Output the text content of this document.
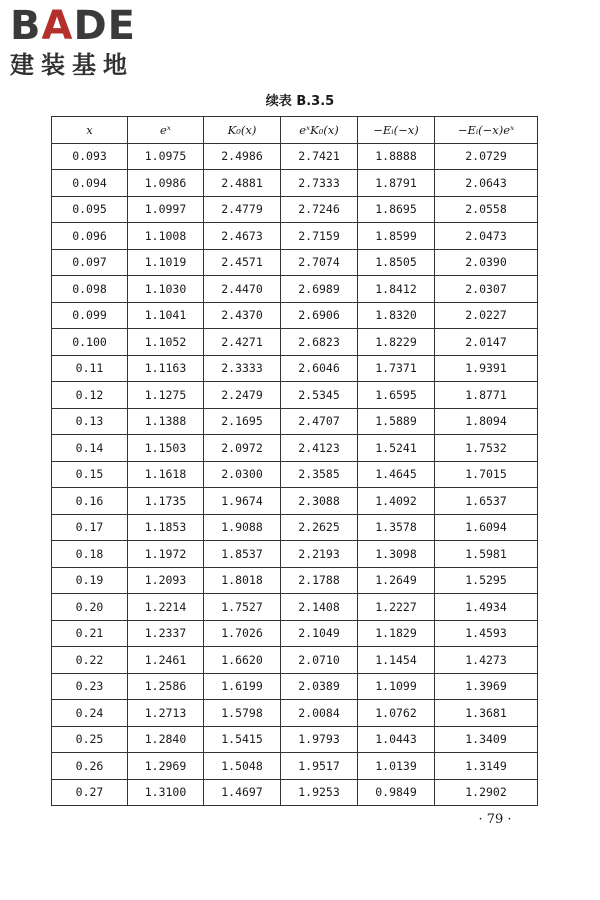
BADE
建装基地
续表 B.3.5
x	eˣ	K₀(x)	eˣK₀(x)	−Eᵢ(−x)	−Eᵢ(−x)eˣ
0.093	1.0975	2.4986	2.7421	1.8888	2.0729
0.094	1.0986	2.4881	2.7333	1.8791	2.0643
0.095	1.0997	2.4779	2.7246	1.8695	2.0558
0.096	1.1008	2.4673	2.7159	1.8599	2.0473
0.097	1.1019	2.4571	2.7074	1.8505	2.0390
0.098	1.1030	2.4470	2.6989	1.8412	2.0307
0.099	1.1041	2.4370	2.6906	1.8320	2.0227
0.100	1.1052	2.4271	2.6823	1.8229	2.0147
0.11	1.1163	2.3333	2.6046	1.7371	1.9391
0.12	1.1275	2.2479	2.5345	1.6595	1.8771
0.13	1.1388	2.1695	2.4707	1.5889	1.8094
0.14	1.1503	2.0972	2.4123	1.5241	1.7532
0.15	1.1618	2.0300	2.3585	1.4645	1.7015
0.16	1.1735	1.9674	2.3088	1.4092	1.6537
0.17	1.1853	1.9088	2.2625	1.3578	1.6094
0.18	1.1972	1.8537	2.2193	1.3098	1.5981
0.19	1.2093	1.8018	2.1788	1.2649	1.5295
0.20	1.2214	1.7527	2.1408	1.2227	1.4934
0.21	1.2337	1.7026	2.1049	1.1829	1.4593
0.22	1.2461	1.6620	2.0710	1.1454	1.4273
0.23	1.2586	1.6199	2.0389	1.1099	1.3969
0.24	1.2713	1.5798	2.0084	1.0762	1.3681
0.25	1.2840	1.5415	1.9793	1.0443	1.3409
0.26	1.2969	1.5048	1.9517	1.0139	1.3149
0.27	1.3100	1.4697	1.9253	0.9849	1.2902
· 79 ·
